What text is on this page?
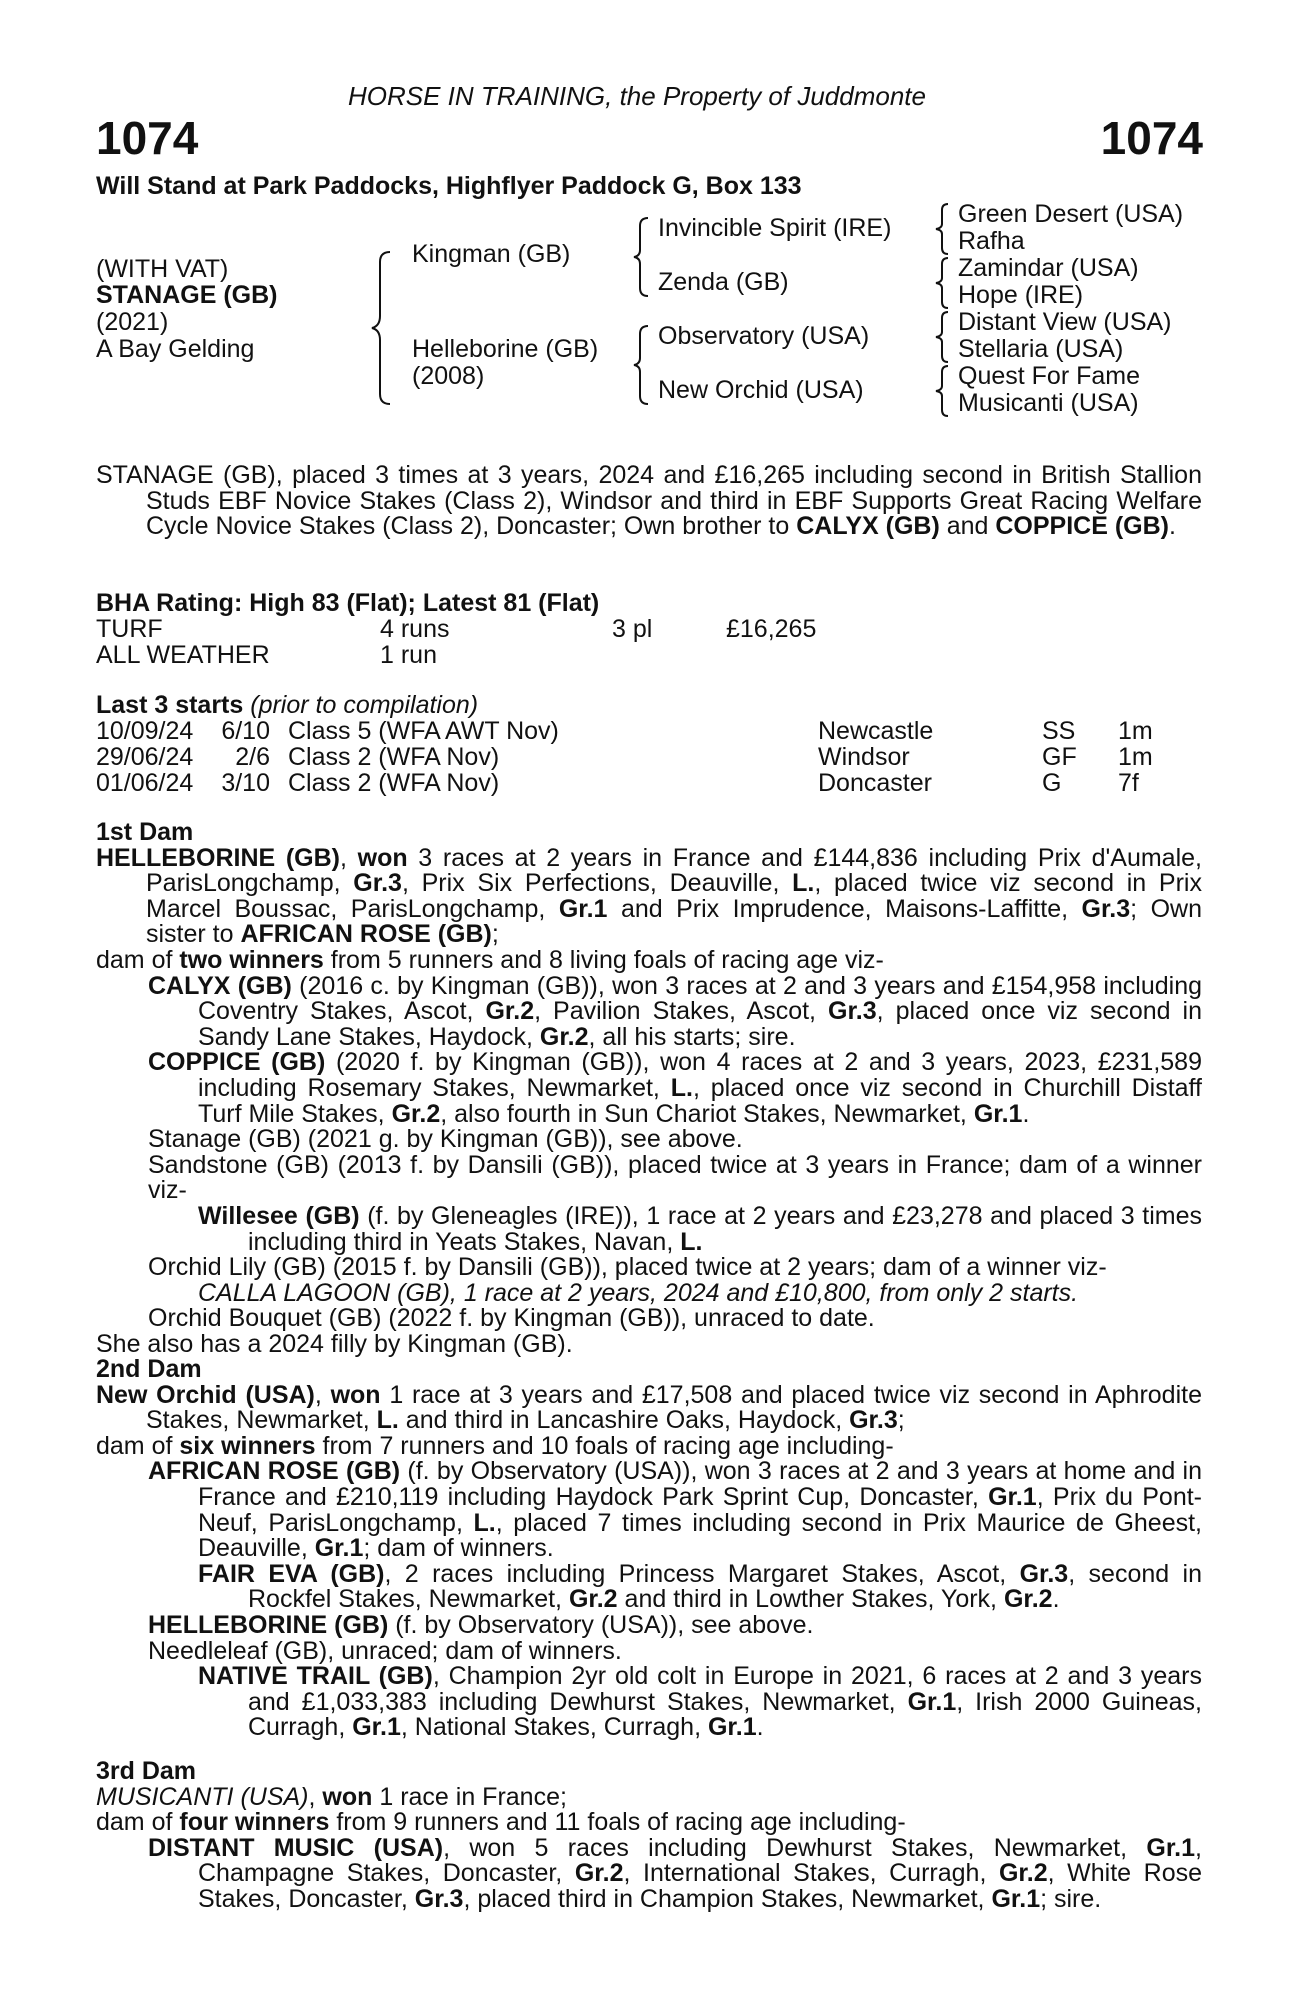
HORSE IN TRAINING, the Property of Juddmonte
1074	1074
Will Stand at Park Paddocks, Highflyer Paddock G, Box 133
(WITH VAT)
STANAGE (GB)
(2021)
A Bay Gelding
Kingman (GB)
Helleborine (GB)
(2008)
Invincible Spirit (IRE)
Zenda (GB)
Observatory (USA)
New Orchid (USA)
Green Desert (USA)
Rafha
Zamindar (USA)
Hope (IRE)
Distant View (USA)
Stellaria (USA)
Quest For Fame
Musicanti (USA)

STANAGE (GB), placed 3 times at 3 years, 2024 and £16,265 including second in British Stallion Studs EBF Novice Stakes (Class 2), Windsor and third in EBF Supports Great Racing Welfare Cycle Novice Stakes (Class 2), Doncaster; Own brother to CALYX (GB) and COPPICE (GB).

BHA Rating: High 83 (Flat); Latest 81 (Flat)
TURF	4 runs	3 pl	£16,265
ALL WEATHER	1 run
Last 3 starts (prior to compilation)
10/09/24 6/10 Class 5 (WFA AWT Nov)	Newcastle	SS 1m
29/06/24 2/6 Class 2 (WFA Nov)	Windsor	GF 1m
01/06/24 3/10 Class 2 (WFA Nov)	Doncaster	G 7f

1st Dam

HELLEBORINE (GB), won 3 races at 2 years in France and £144,836 including Prix d'Aumale, ParisLongchamp, Gr.3, Prix Six Perfections, Deauville, L., placed twice viz second in Prix Marcel Boussac, ParisLongchamp, Gr.1 and Prix Imprudence, Maisons-Laffitte, Gr.3; Own sister to AFRICAN ROSE (GB);

dam of two winners from 5 runners and 8 living foals of racing age viz-

CALYX (GB) (2016 c. by Kingman (GB)), won 3 races at 2 and 3 years and £154,958 including Coventry Stakes, Ascot, Gr.2, Pavilion Stakes, Ascot, Gr.3, placed once viz second in Sandy Lane Stakes, Haydock, Gr.2, all his starts; sire.

COPPICE (GB) (2020 f. by Kingman (GB)), won 4 races at 2 and 3 years, 2023, £231,589 including Rosemary Stakes, Newmarket, L., placed once viz second in Churchill Distaff Turf Mile Stakes, Gr.2, also fourth in Sun Chariot Stakes, Newmarket, Gr.1.

Stanage (GB) (2021 g. by Kingman (GB)), see above.

Sandstone (GB) (2013 f. by Dansili (GB)), placed twice at 3 years in France; dam of a winner viz-

Willesee (GB) (f. by Gleneagles (IRE)), 1 race at 2 years and £23,278 and placed 3 times including third in Yeats Stakes, Navan, L.

Orchid Lily (GB) (2015 f. by Dansili (GB)), placed twice at 2 years; dam of a winner viz-

CALLA LAGOON (GB), 1 race at 2 years, 2024 and £10,800, from only 2 starts.

Orchid Bouquet (GB) (2022 f. by Kingman (GB)), unraced to date.

She also has a 2024 filly by Kingman (GB).

2nd Dam

New Orchid (USA), won 1 race at 3 years and £17,508 and placed twice viz second in Aphrodite Stakes, Newmarket, L. and third in Lancashire Oaks, Haydock, Gr.3;

dam of six winners from 7 runners and 10 foals of racing age including-

AFRICAN ROSE (GB) (f. by Observatory (USA)), won 3 races at 2 and 3 years at home and in France and £210,119 including Haydock Park Sprint Cup, Doncaster, Gr.1, Prix du Pont-Neuf, ParisLongchamp, L., placed 7 times including second in Prix Maurice de Gheest, Deauville, Gr.1; dam of winners.

FAIR EVA (GB), 2 races including Princess Margaret Stakes, Ascot, Gr.3, second in Rockfel Stakes, Newmarket, Gr.2 and third in Lowther Stakes, York, Gr.2.

HELLEBORINE (GB) (f. by Observatory (USA)), see above.

Needleleaf (GB), unraced; dam of winners.

NATIVE TRAIL (GB), Champion 2yr old colt in Europe in 2021, 6 races at 2 and 3 years and £1,033,383 including Dewhurst Stakes, Newmarket, Gr.1, Irish 2000 Guineas, Curragh, Gr.1, National Stakes, Curragh, Gr.1.

3rd Dam

MUSICANTI (USA), won 1 race in France;

dam of four winners from 9 runners and 11 foals of racing age including-

DISTANT MUSIC (USA), won 5 races including Dewhurst Stakes, Newmarket, Gr.1, Champagne Stakes, Doncaster, Gr.2, International Stakes, Curragh, Gr.2, White Rose Stakes, Doncaster, Gr.3, placed third in Champion Stakes, Newmarket, Gr.1; sire.
